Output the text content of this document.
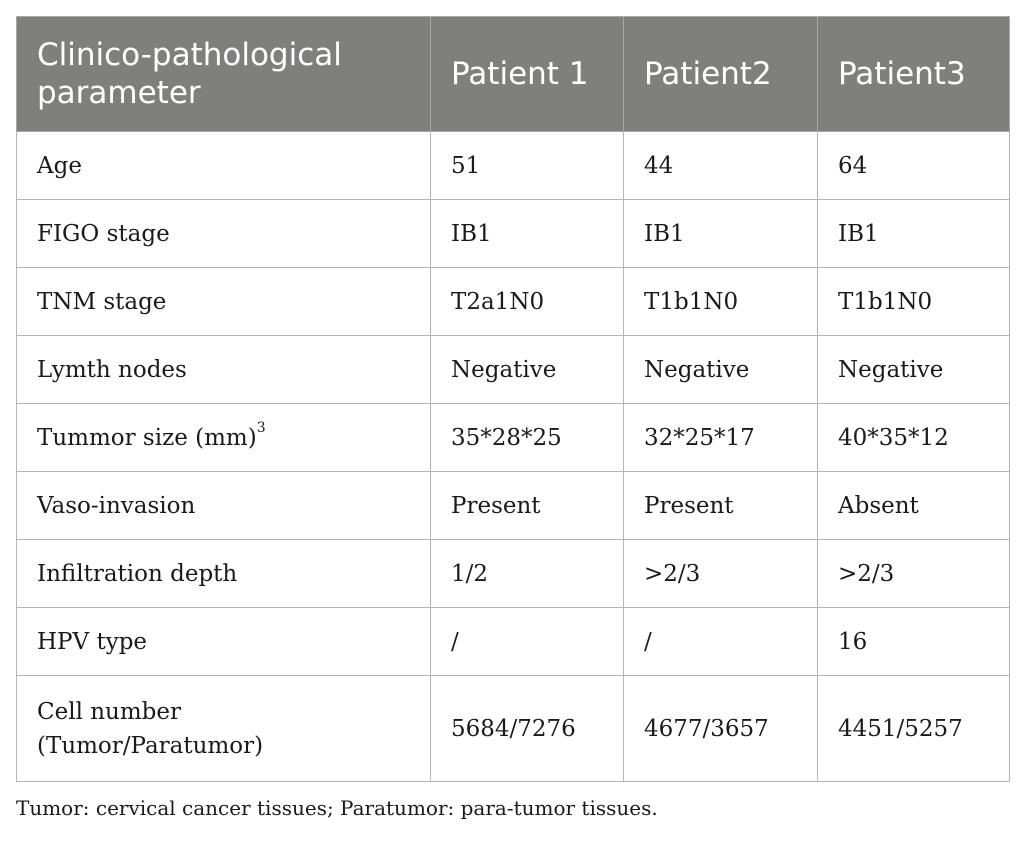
Clinico-pathological
parameter	Patient 1	Patient2	Patient3
Age	51	44	64
FIGO stage	IB1	IB1	IB1
TNM stage	T2a1N0	T1b1N0	T1b1N0
Lymth nodes	Negative	Negative	Negative
Tummor size (mm)$^3$	35*28*25	32*25*17	40*35*12
Vaso-invasion	Present	Present	Absent
Infiltration depth	1/2	>2/3	>2/3
HPV type	/	/	16

Cell number
(Tumor/Paratumor)	5684/7276	4677/3657	4451/5257

Tumor: cervical cancer tissues; Paratumor: para-tumor tissues.
